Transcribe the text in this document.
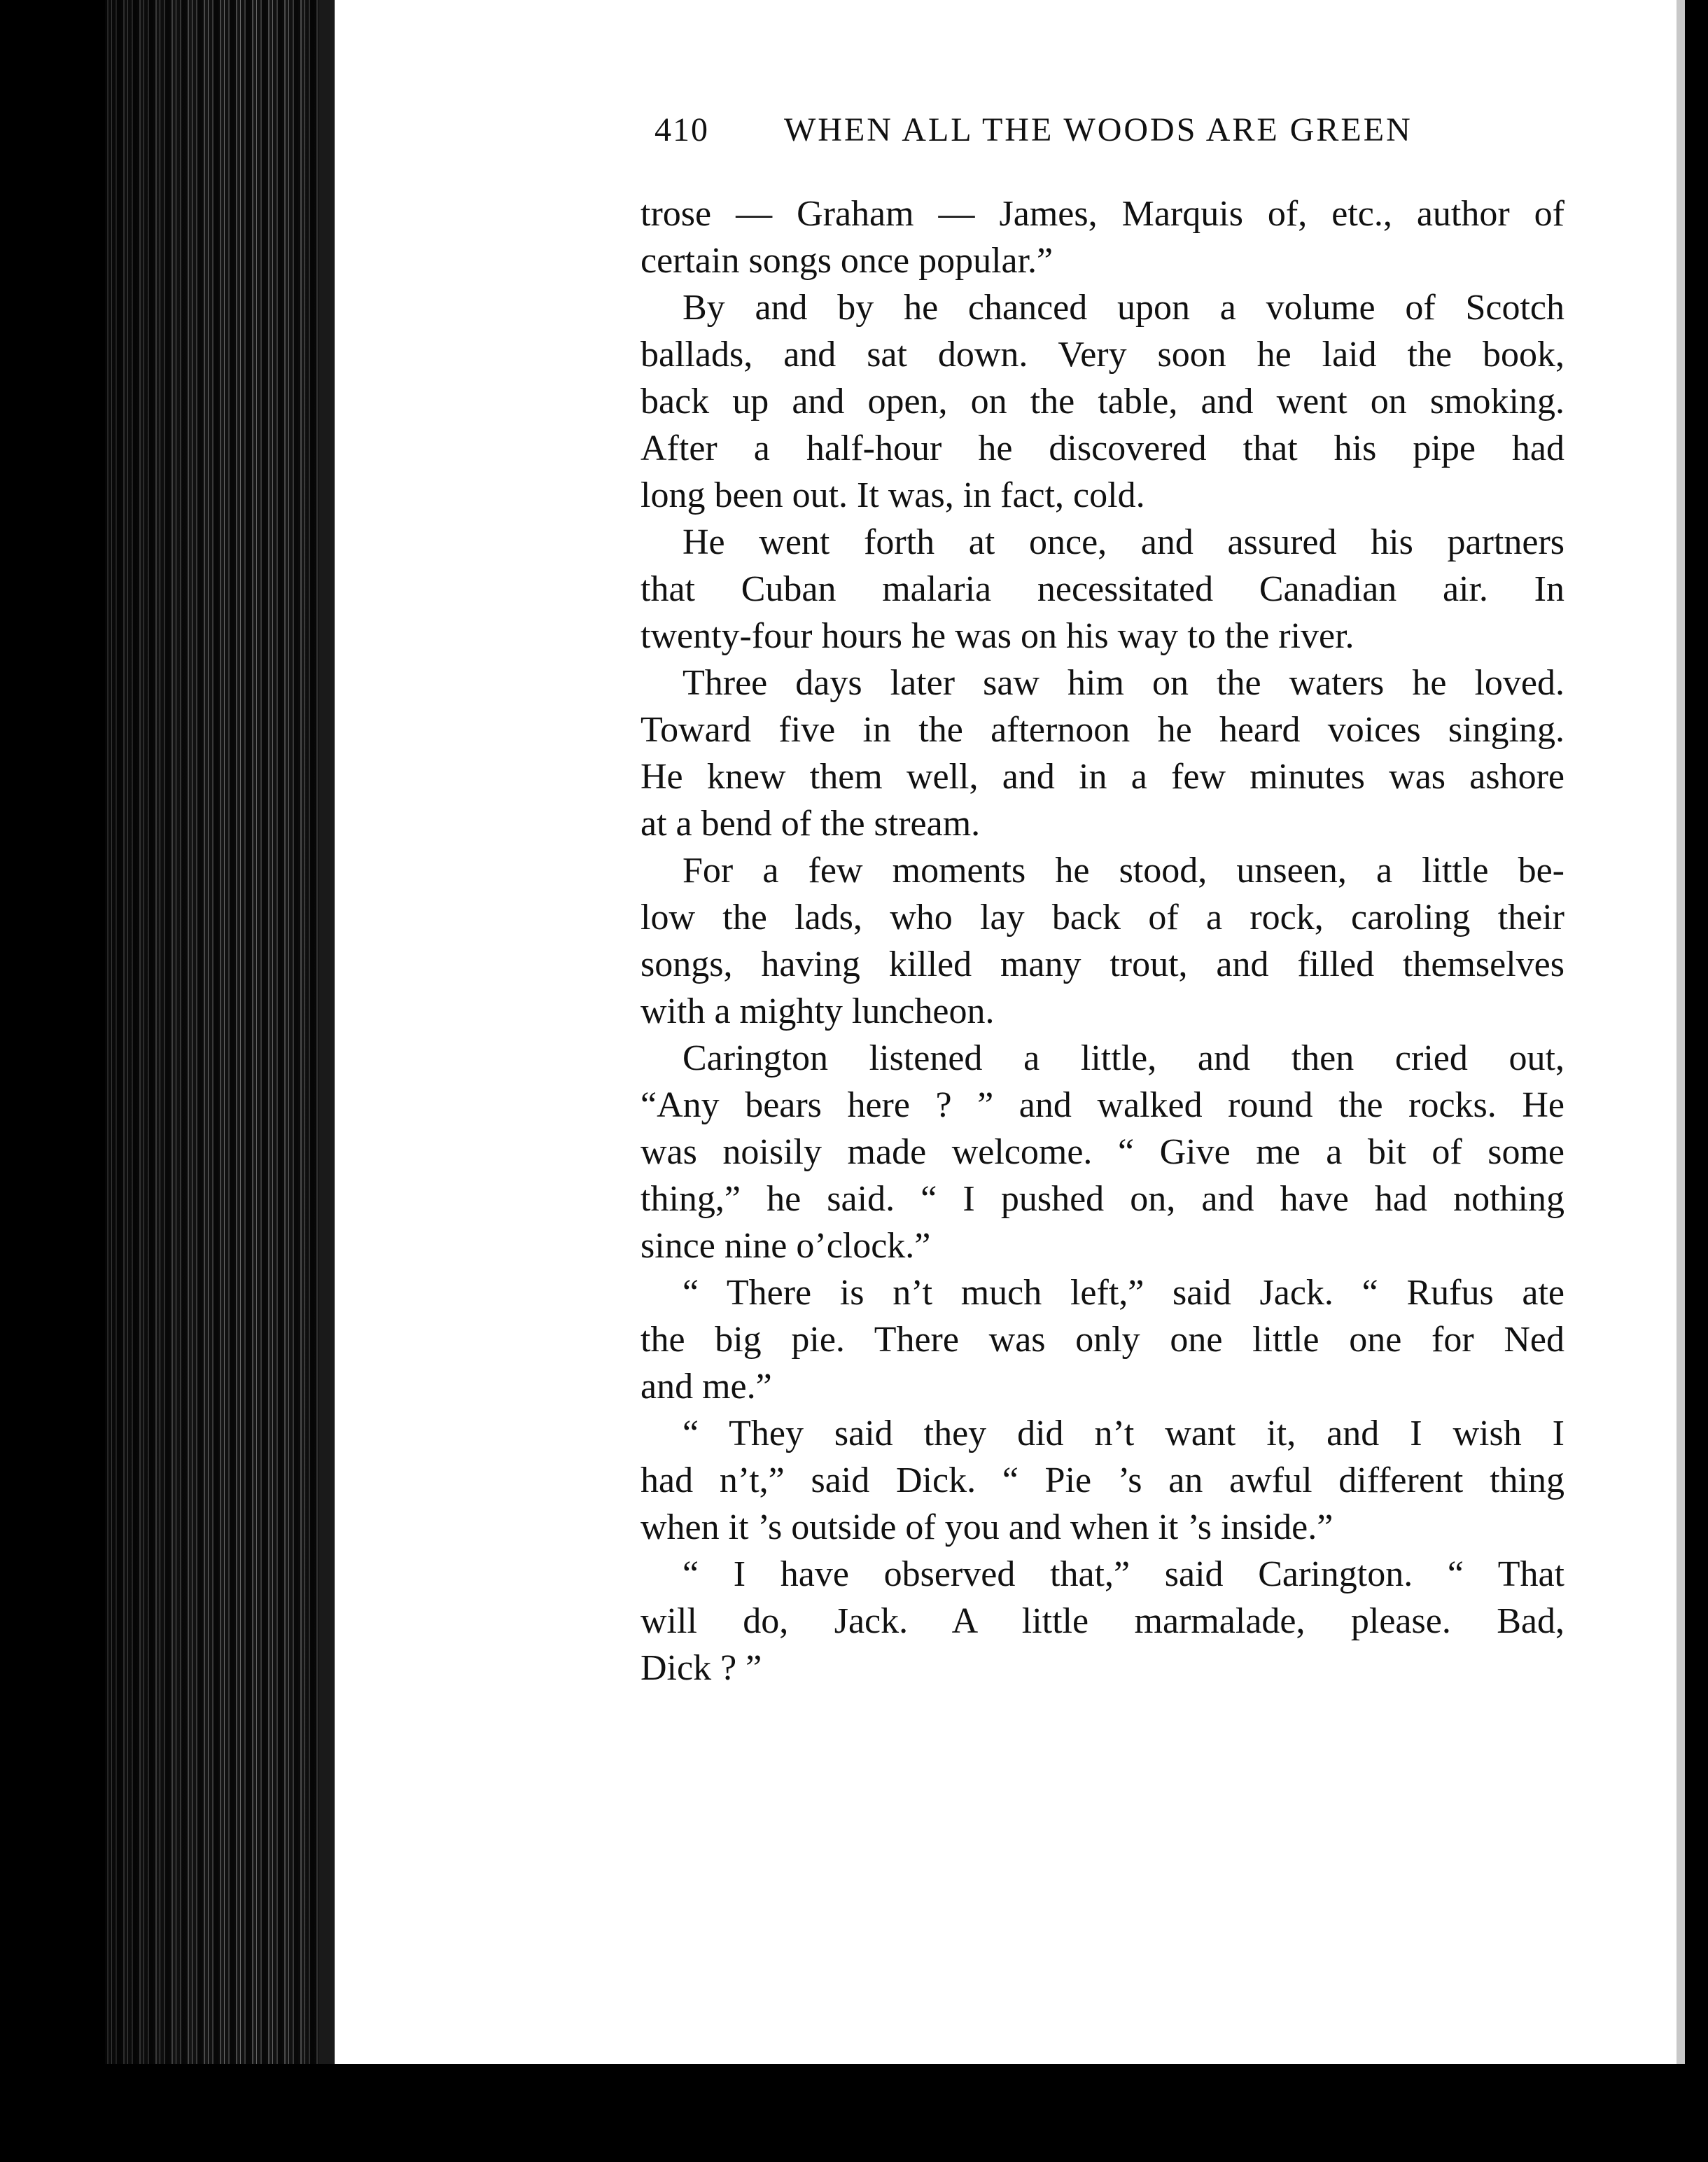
410 WHEN ALL THE WOODS ARE GREEN
trose — Graham — James, Marquis of, etc., author of
certain songs once popular.”
By and by he chanced upon a volume of Scotch
ballads, and sat down. Very soon he laid the book,
back up and open, on the table, and went on smoking.
After a half-hour he discovered that his pipe had
long been out. It was, in fact, cold.
He went forth at once, and assured his partners
that Cuban malaria necessitated Canadian air. In
twenty-four hours he was on his way to the river.
Three days later saw him on the waters he loved.
Toward five in the afternoon he heard voices singing.
He knew them well, and in a few minutes was ashore
at a bend of the stream.
For a few moments he stood, unseen, a little be-
low the lads, who lay back of a rock, caroling their
songs, having killed many trout, and filled themselves
with a mighty luncheon.
Carington listened a little, and then cried out,
“Any bears here ? ” and walked round the rocks. He
was noisily made welcome. “ Give me a bit of some
thing,” he said. “ I pushed on, and have had nothing
since nine o’clock.”
“ There is n’t much left,” said Jack. “ Rufus ate
the big pie. There was only one little one for Ned
and me.”
“ They said they did n’t want it, and I wish I
had n’t,” said Dick. “ Pie ’s an awful different thing
when it ’s outside of you and when it ’s inside.”
“ I have observed that,” said Carington. “ That
will do, Jack. A little marmalade, please. Bad,
Dick ? ”
